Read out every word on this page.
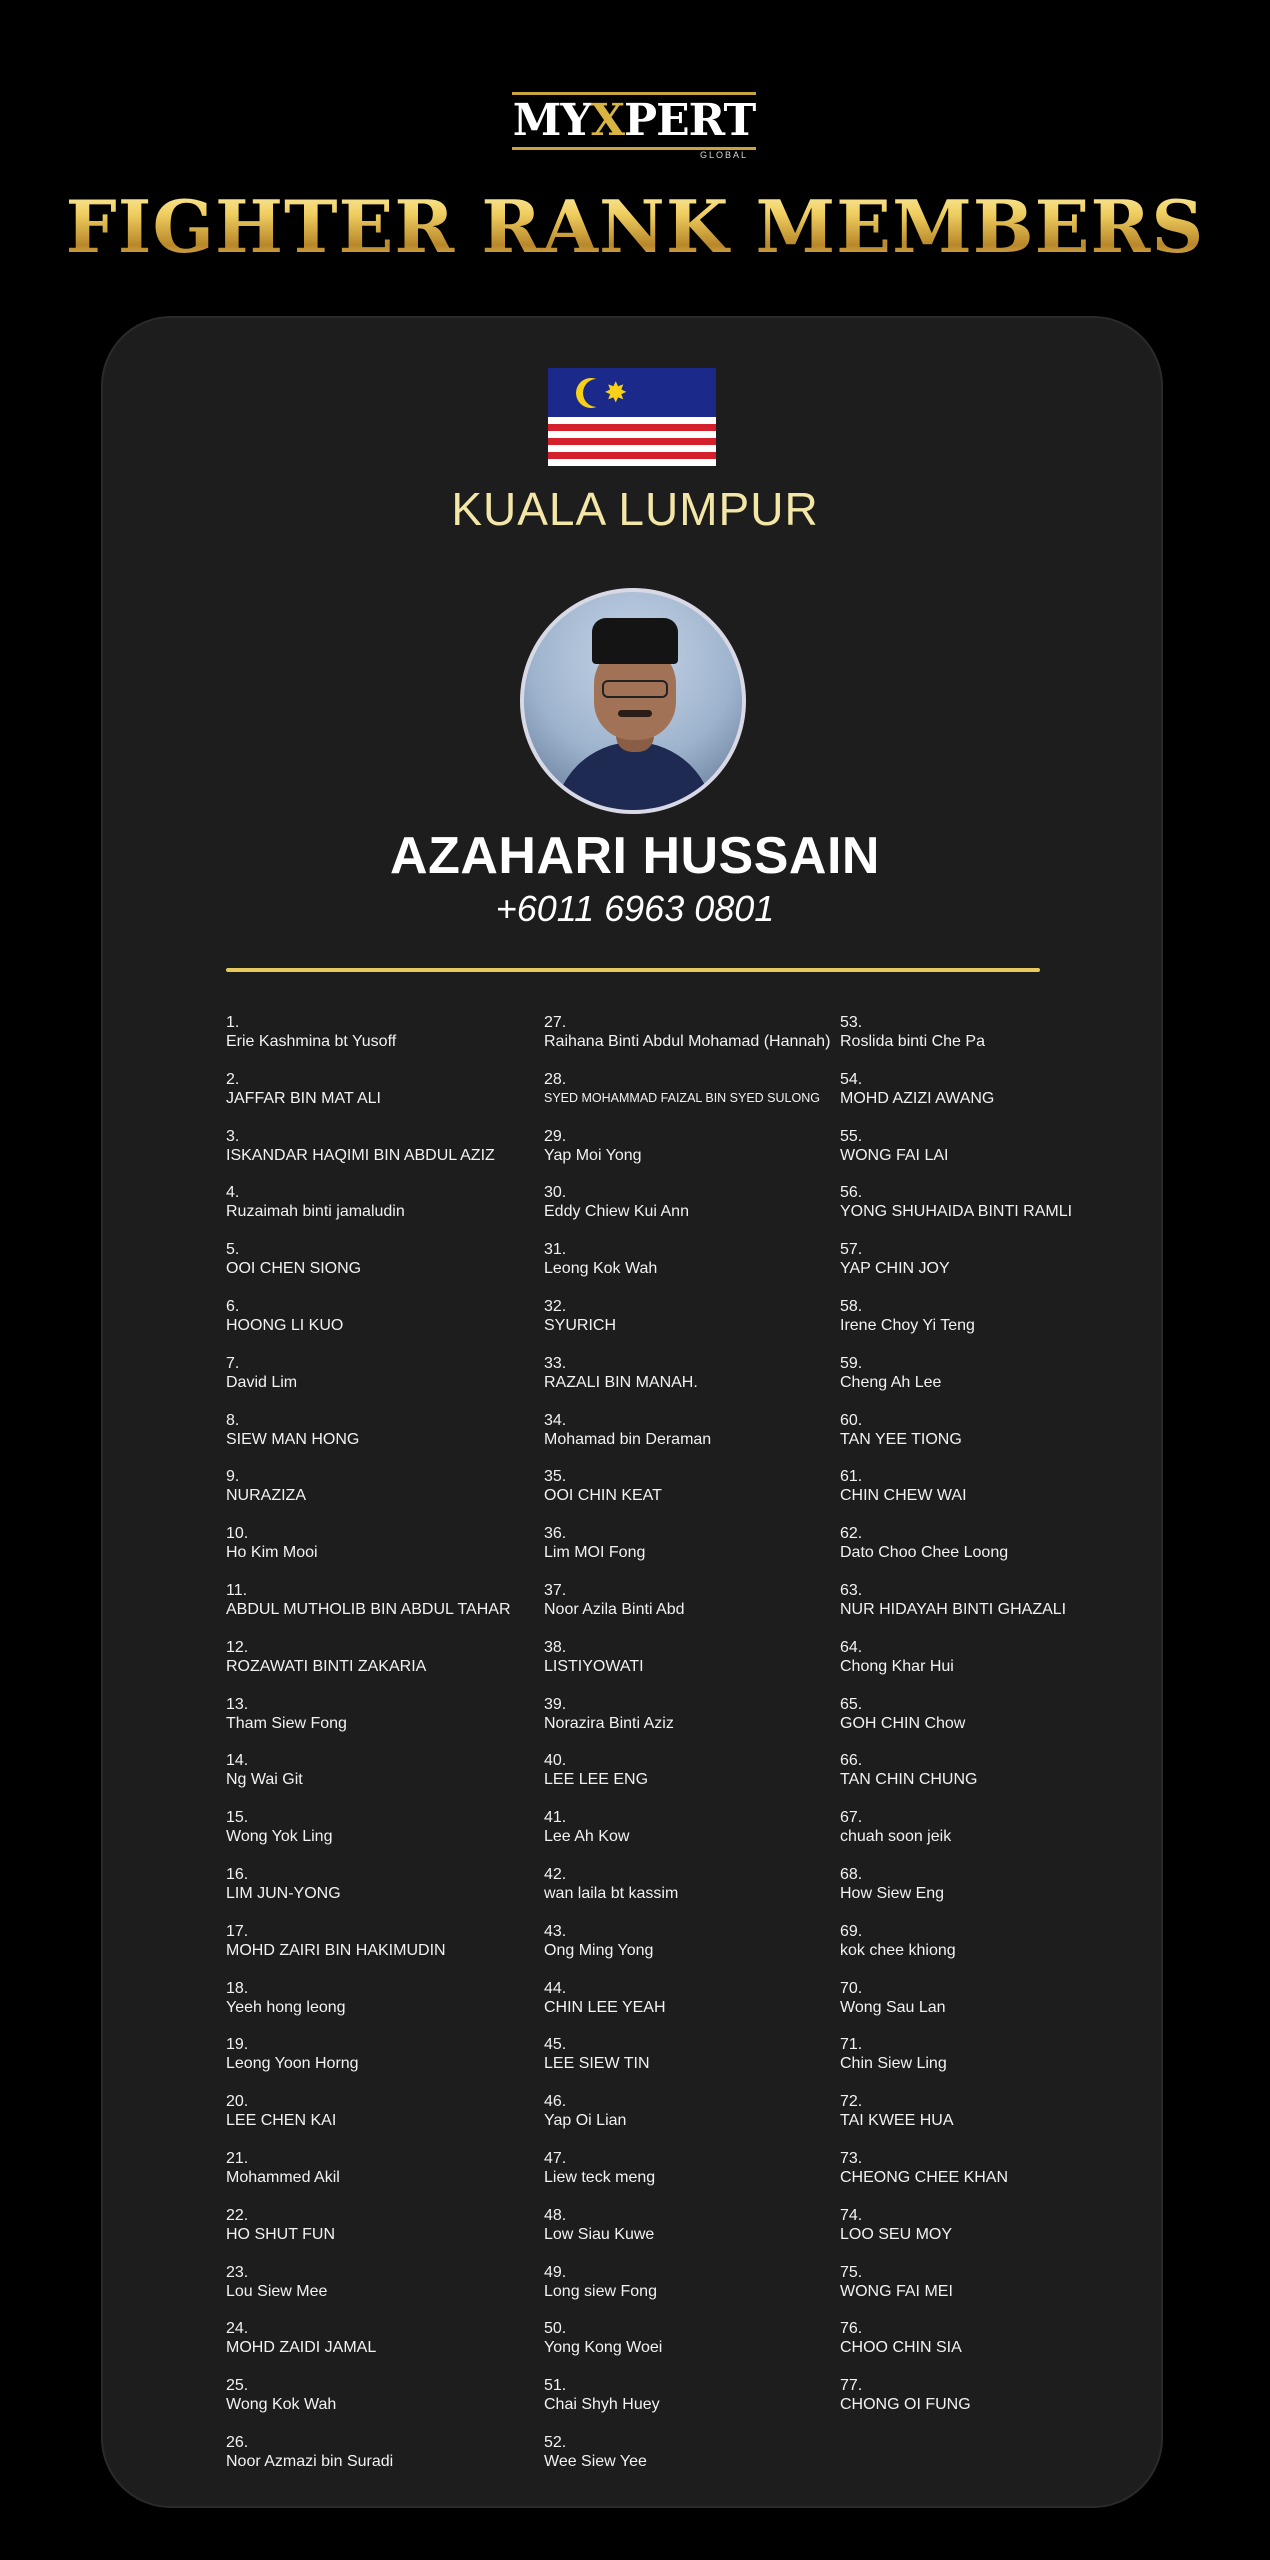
MYXPERT
GLOBAL
FIGHTER RANK MEMBERS
✸
KUALA LUMPUR
AZAHARI HUSSAIN
+6011 6963 0801
1.
Erie Kashmina bt Yusoff
2.
JAFFAR BIN MAT ALI
3.
ISKANDAR HAQIMI BIN ABDUL AZIZ
4.
Ruzaimah binti jamaludin
5.
OOI CHEN SIONG
6.
HOONG LI KUO
7.
David Lim
8.
SIEW MAN HONG
9.
NURAZIZA
10.
Ho Kim Mooi
11.
ABDUL MUTHOLIB BIN ABDUL TAHAR
12.
ROZAWATI BINTI ZAKARIA
13.
Tham Siew Fong
14.
Ng Wai Git
15.
Wong Yok Ling
16.
LIM JUN-YONG
17.
MOHD ZAIRI BIN HAKIMUDIN
18.
Yeeh hong leong
19.
Leong Yoon Horng
20.
LEE CHEN KAI
21.
Mohammed Akil
22.
HO SHUT FUN
23.
Lou Siew Mee
24.
MOHD ZAIDI JAMAL
25.
Wong Kok Wah
26.
Noor Azmazi bin Suradi
27.
Raihana Binti Abdul Mohamad (Hannah)
28.
SYED MOHAMMAD FAIZAL BIN SYED SULONG
29.
Yap Moi Yong
30.
Eddy Chiew Kui Ann
31.
Leong Kok Wah
32.
SYURICH
33.
RAZALI BIN MANAH.
34.
Mohamad bin Deraman
35.
OOI CHIN KEAT
36.
Lim MOI Fong
37.
Noor Azila Binti Abd
38.
LISTIYOWATI
39.
Norazira Binti Aziz
40.
LEE LEE ENG
41.
Lee Ah Kow
42.
wan laila bt kassim
43.
Ong Ming Yong
44.
CHIN LEE YEAH
45.
LEE SIEW TIN
46.
Yap Oi Lian
47.
Liew teck meng
48.
Low Siau Kuwe
49.
Long siew Fong
50.
Yong Kong Woei
51.
Chai Shyh Huey
52.
Wee Siew Yee
53.
Roslida binti Che Pa
54.
MOHD AZIZI AWANG
55.
WONG FAI LAI
56.
YONG SHUHAIDA BINTI RAMLI
57.
YAP CHIN JOY
58.
Irene Choy Yi Teng
59.
Cheng Ah Lee
60.
TAN YEE TIONG
61.
CHIN CHEW WAI
62.
Dato Choo Chee Loong
63.
NUR HIDAYAH BINTI GHAZALI
64.
Chong Khar Hui
65.
GOH CHIN Chow
66.
TAN CHIN CHUNG
67.
chuah soon jeik
68.
How Siew Eng
69.
kok chee khiong
70.
Wong Sau Lan
71.
Chin Siew Ling
72.
TAI KWEE HUA
73.
CHEONG CHEE KHAN
74.
LOO SEU MOY
75.
WONG FAI MEI
76.
CHOO CHIN SIA
77.
CHONG OI FUNG
